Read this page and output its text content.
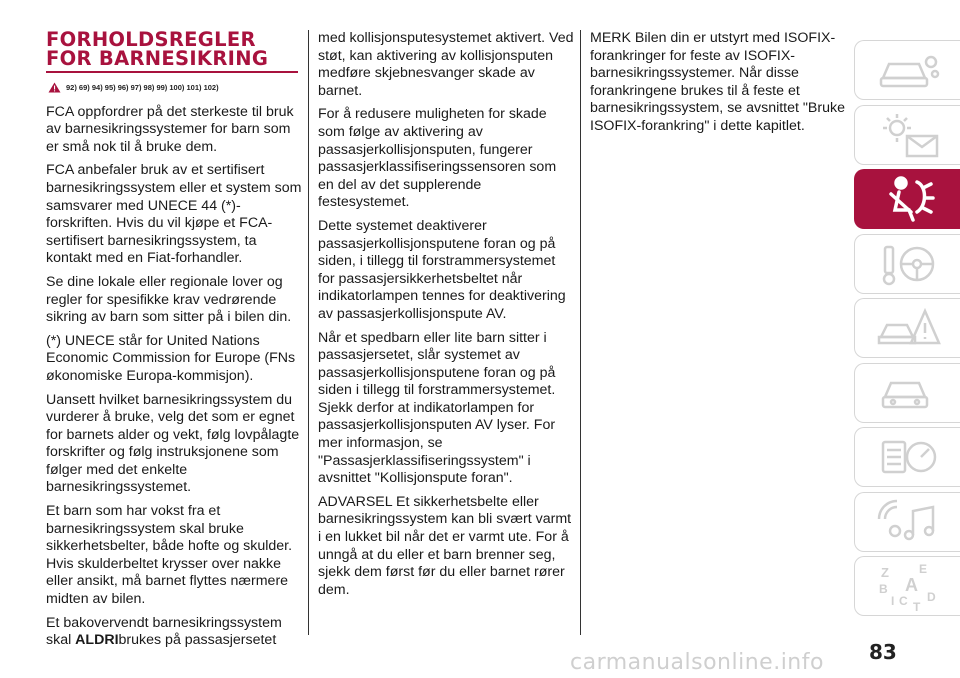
FORHOLDSREGLER
FOR BARNESIKRING
92) 69) 94) 95) 96) 97) 98) 99) 100) 101) 102)

FCA oppfordrer på det sterkeste til bruk av barnesikringssystemer for barn som er små nok til å bruke dem.

FCA anbefaler bruk av et sertifisert barnesikringssystem eller et system som samsvarer med UNECE 44 (*)-forskriften. Hvis du vil kjøpe et FCA-sertifisert barnesikringssystem, ta kontakt med en Fiat-forhandler.

Se dine lokale eller regionale lover og regler for spesifikke krav vedrørende sikring av barn som sitter på i bilen din.

(*) UNECE står for United Nations Economic Commission for Europe (FNs økonomiske Europa-kommisjon).

Uansett hvilket barnesikringssystem du vurderer å bruke, velg det som er egnet for barnets alder og vekt, følg lovpålagte forskrifter og følg instruksjonene som følger med det enkelte barnesikringssystemet.

Et barn som har vokst fra et barnesikringssystem skal bruke sikkerhetsbelter, både hofte og skulder. Hvis skulderbeltet krysser over nakke eller ansikt, må barnet flyttes nærmere midten av bilen.

Et bakovervendt barnesikringssystem skal ALDRIbrukes på passasjersetet

med kollisjonsputesystemet aktivert. Ved støt, kan aktivering av kollisjonsputen medføre skjebnesvanger skade av barnet.

For å redusere muligheten for skade som følge av aktivering av passasjerkollisjonsputen, fungerer passasjerklassifiseringssensoren som en del av det supplerende festesystemet.

Dette systemet deaktiverer passasjerkollisjonsputene foran og på siden, i tillegg til forstrammersystemet for passasjersikkerhetsbeltet når indikatorlampen tennes for deaktivering av passasjerkollisjonspute AV.

Når et spedbarn eller lite barn sitter i passasjersetet, slår systemet av passasjerkollisjonsputene foran og på siden i tillegg til forstrammersystemet. Sjekk derfor at indikatorlampen for passasjerkollisjonsputen AV lyser. For mer informasjon, se "Passasjerklassifiseringssystem" i avsnittet "Kollisjonspute foran".

ADVARSEL Et sikkerhetsbelte eller barnesikringssystem kan bli svært varmt i en lukket bil når det er varmt ute. For å unngå at du eller et barn brenner seg, sjekk dem først før du eller barnet rører dem.

MERK Bilen din er utstyrt med ISOFIX-forankringer for feste av ISOFIX-barnesikringssystemer. Når disse forankringene brukes til å feste et barnesikringssystem, se avsnittet "Bruke ISOFIX-forankring" i dette kapitlet.

Z	E
B A
I C T
D
83
carmanualsonline.info
